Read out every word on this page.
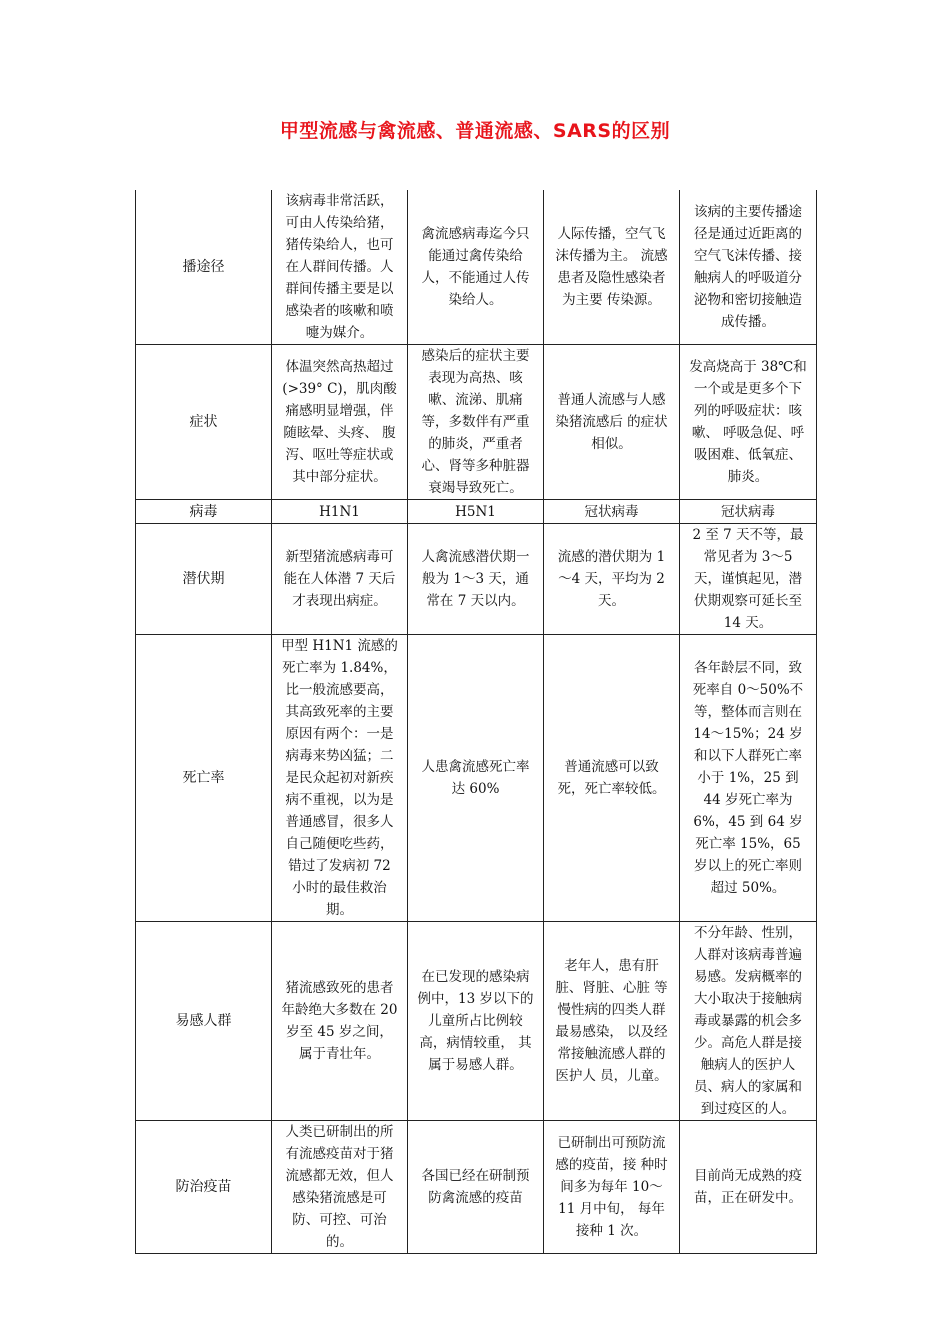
甲型流感与禽流感、普通流感、SARS的区别
播途径	该病毒非常活跃，可由人传染给猪，猪传染给人，也可在人群间传播。人群间传播主要是以感染者的咳嗽和喷嚏为媒介。	禽流感病毒迄今只能通过禽传染给人，不能通过人传染给人。	人际传播，空气飞沫传播为主。 流感患者及隐性感染者为主要 传染源。	该病的主要传播途径是通过近距离的空气飞沫传播、接触病人的呼吸道分泌物和密切接触造成传播。
症状	体温突然高热超过(>39° C)，肌肉酸痛感明显增强，伴随眩晕、头疼、 腹泻、呕吐等症状或其中部分症状。	感染后的症状主要表现为高热、咳嗽、流涕、肌痛等，多数伴有严重 的肺炎，严重者心、肾等多种脏器衰竭导致死亡。	普通人流感与人感染猪流感后 的症状相似。	发高烧高于 38℃和一个或是更多个下列的呼吸症状：咳嗽、 呼吸急促、呼吸困难、低氧症、 肺炎。
病毒	H1N1	H5N1	冠状病毒	冠状病毒
潜伏期	新型猪流感病毒可能在人体潜 7 天后才表现出病症。	人禽流感潜伏期一般为 1～3 天，通常在 7 天以内。	流感的潜伏期为 1～4 天，平均为 2 天。	2 至 7 天不等，最常见者为 3～5 天，谨慎起见，潜伏期观察可延长至 14 天。
死亡率	甲型 H1N1 流感的死亡率为 1.84%，比一般流感要高，其高致死率的主要原因有两个：一是病毒来势凶猛；二是民众起初对新疾病不重视，以为是普通感冒，很多人自己随便吃些药，错过了发病初 72 小时的最佳救治期。	人患禽流感死亡率达 60%	普通流感可以致死，死亡率较低。	各年龄层不同，致死率自 0～50%不等，整体而言则在 14～15%；24 岁和以下人群死亡率小于 1%，25 到 44 岁死亡率为 6%，45 到 64 岁死亡率 15%，65 岁以上的死亡率则超过 50%。
易感人群	猪流感致死的患者年龄绝大多数在 20 岁至 45 岁之间，属于青壮年。	在已发现的感染病例中，13 岁以下的儿童所占比例较高，病情较重， 其属于易感人群。	老年人，患有肝脏、肾脏、心脏 等慢性病的四类人群最易感染， 以及经常接触流感人群的医护人 员，儿童。	不分年龄、性别，人群对该病毒普遍易感。发病概率的大小取决于接触病毒或暴露的机会多少。高危人群是接触病人的医护人员、病人的家属和到过疫区的人。
防治疫苗	人类已研制出的所有流感疫苗对于猪流感都无效，但人感染猪流感是可防、可控、可治的。	各国已经在研制预防禽流感的疫苗	已研制出可预防流感的疫苗，接 种时间多为每年 10～11 月中旬， 每年接种 1 次。	目前尚无成熟的疫苗，正在研发中。
